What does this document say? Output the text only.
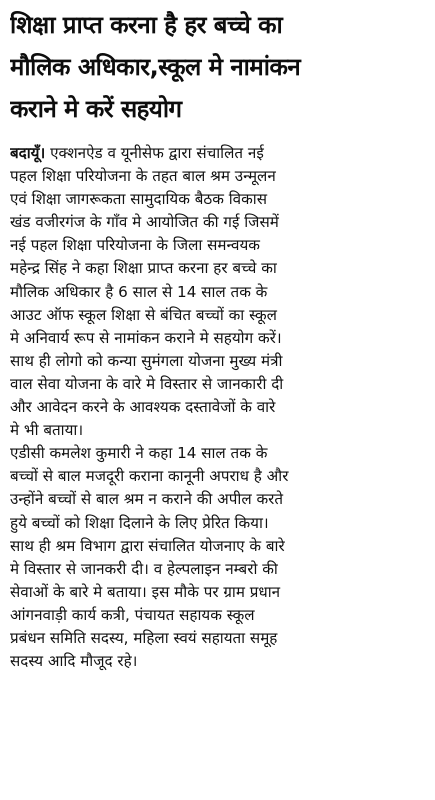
शिक्षा प्राप्त करना है हर बच्चे का
मौलिक अधिकार,स्कूल मे नामांकन
कराने मे करें सहयोग
बदायूँ। एक्शनऐड व यूनीसेफ द्वारा संचालित नई
पहल शिक्षा परियोजना के तहत बाल श्रम उन्मूलन
एवं शिक्षा जागरूकता सामुदायिक बैठक विकास
खंड वजीरगंज के गाँव मे आयोजित की गई जिसमें
नई पहल शिक्षा परियोजना के जिला समन्वयक
महेन्द्र सिंह ने कहा शिक्षा प्राप्त करना हर बच्चे का
मौलिक अधिकार है 6 साल से 14 साल तक के
आउट ऑफ स्कूल शिक्षा से बंचित बच्चों का स्कूल
मे अनिवार्य रूप से नामांकन कराने मे सहयोग करें।
साथ ही लोगो को कन्या सुमंगला योजना मुख्य मंत्री
वाल सेवा योजना के वारे मे विस्तार से जानकारी दी
और आवेदन करने के आवश्यक दस्तावेजों के वारे
मे भी बताया।
एडीसी कमलेश कुमारी ने कहा 14 साल तक के
बच्चों से बाल मजदूरी कराना कानूनी अपराध है और
उन्होंने बच्चों से बाल श्रम न कराने की अपील करते
हुये बच्चों को शिक्षा दिलाने के लिए प्रेरित किया।
साथ ही श्रम विभाग द्वारा संचालित योजनाए के बारे
मे विस्तार से जानकरी दी। व हेल्पलाइन नम्बरो की
सेवाओं के बारे मे बताया। इस मौके पर ग्राम प्रधान
आंगनवाड़ी कार्य कत्री, पंचायत सहायक स्कूल
प्रबंधन समिति सदस्य, महिला स्वयं सहायता समूह
सदस्य आदि मौजूद रहे।
